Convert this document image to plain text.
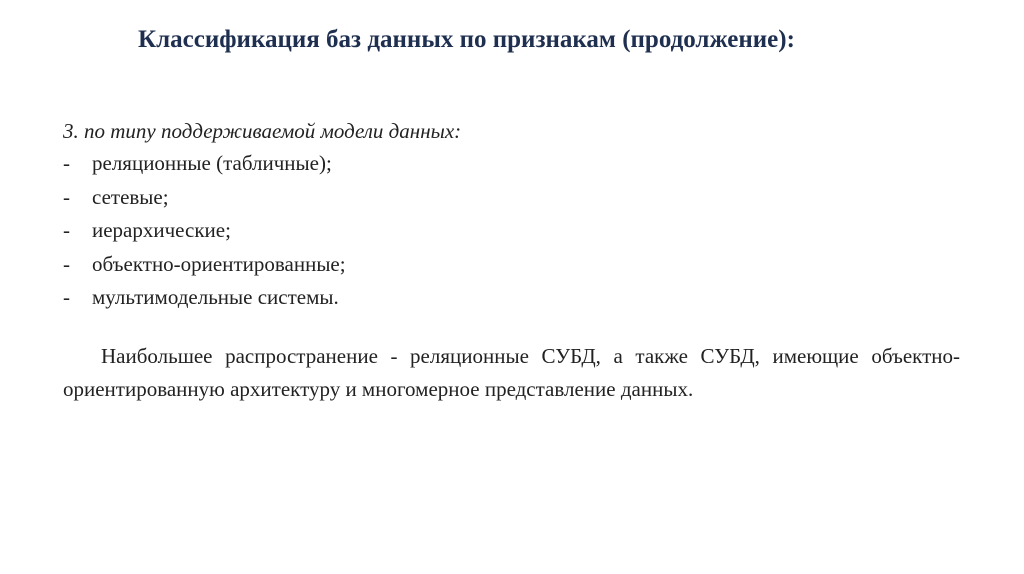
Классификация баз данных по признакам (продолжение):
3. по типу поддерживаемой модели данных:
-	реляционные (табличные);
-	сетевые;
-	иерархические;
-	объектно-ориентированные;
-	мультимодельные системы.

Наибольшее распространение - реляционные СУБД, а также СУБД, имеющие объектно-ориентированную архитектуру и многомерное представление данных.
